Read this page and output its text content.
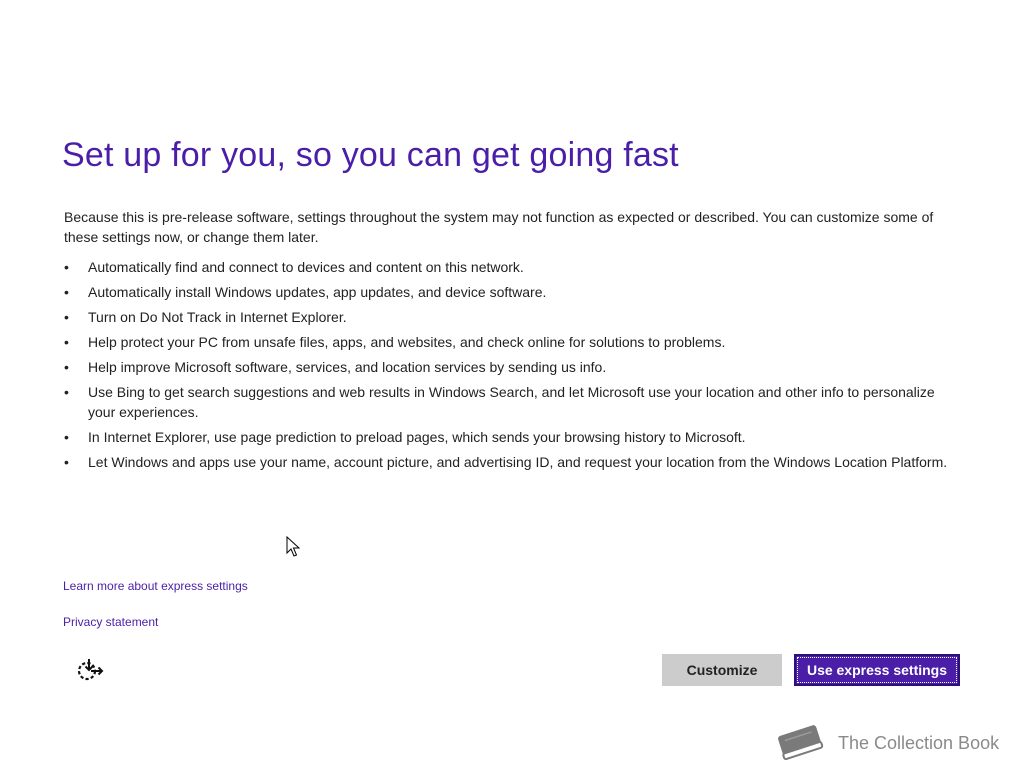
Set up for you, so you can get going fast
Because this is pre-release software, settings throughout the system may not function as expected or described. You can customize some of these settings now, or change them later.
• Automatically find and connect to devices and content on this network.
• Automatically install Windows updates, app updates, and device software.
• Turn on Do Not Track in Internet Explorer.
• Help protect your PC from unsafe files, apps, and websites, and check online for solutions to problems.
• Help improve Microsoft software, services, and location services by sending us info.
• Use Bing to get search suggestions and web results in Windows Search, and let Microsoft use your location and other info to personalize your experiences.
• In Internet Explorer, use page prediction to preload pages, which sends your browsing history to Microsoft.
• Let Windows and apps use your name, account picture, and advertising ID, and request your location from the Windows Location Platform.
Learn more about express settings
Privacy statement
Customize	Use express settings
The Collection Book
